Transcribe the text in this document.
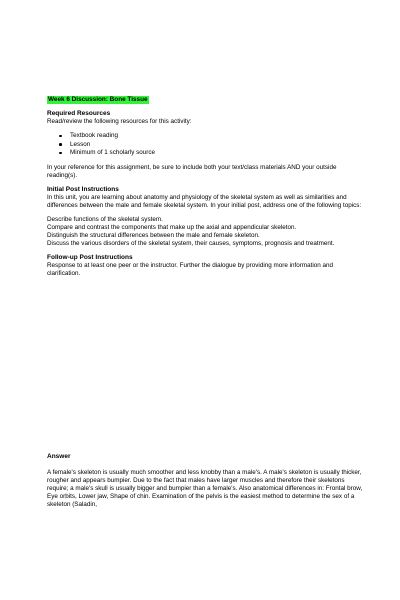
Week 6 Discussion: Bone Tissue

Required Resources

Read/review the following resources for this activity:

Textbook reading
Lesson
Minimum of 1 scholarly source

In your reference for this assignment, be sure to include both your text/class materials AND your outside reading(s).

Initial Post Instructions

In this unit, you are learning about anatomy and physiology of the skeletal system as well as similarities and differences between the male and female skeletal system. In your initial post, address one of the following topics:

Describe functions of the skeletal system.

Compare and contrast the components that make up the axial and appendicular skeleton.

Distinguish the structural differences between the male and female skeleton.

Discuss the various disorders of the skeletal system, their causes, symptoms, prognosis and treatment.

Follow-up Post Instructions

Response to at least one peer or the instructor. Further the dialogue by providing more information and clarification.

Answer

A female's skeleton is usually much smoother and less knobby than a male's. A male's skeleton is usually thicker, rougher and appears bumpier. Due to the fact that males have larger muscles and therefore their skeletons require; a male's skull is usually bigger and bumpier than a female's. Also anatomical differences in: Frontal brow, Eye orbits, Lower jaw, Shape of chin. Examination of the pelvis is the easiest method to determine the sex of a skeleton (Saladin,
